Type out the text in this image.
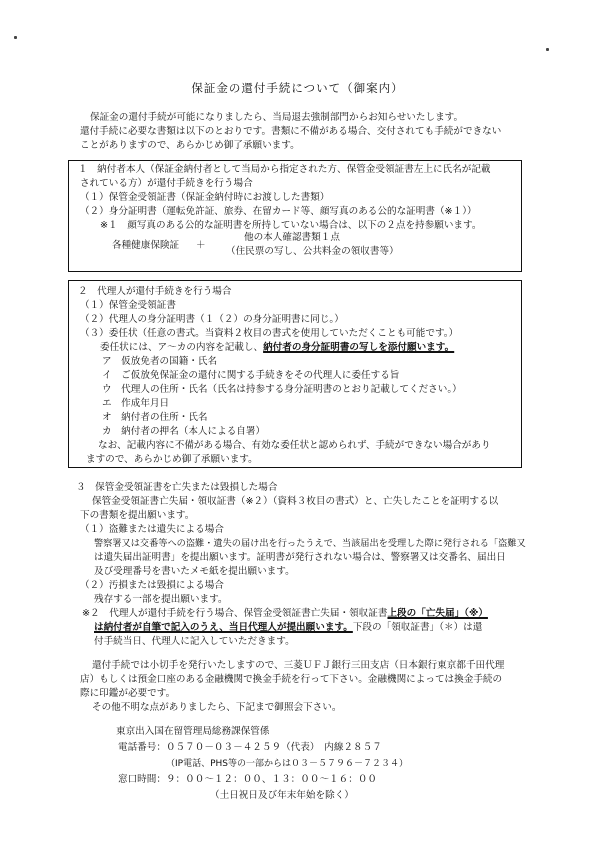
保証金の還付手続について（御案内）
保証金の還付手続が可能になりましたら、当局退去強制部門からお知らせいたします。
還付手続に必要な書類は以下のとおりです。書類に不備がある場合、交付されても手続ができない
ことがありますので、あらかじめ御了承願います。
１　納付者本人（保証金納付者として当局から指定された方、保管金受領証書左上に氏名が記載
されている方）が還付手続きを行う場合
（１）保管金受領証書（保証金納付時にお渡しした書類）
（２）身分証明書（運転免許証、旅券、在留カード等、顔写真のある公的な証明書（※１））
※１　顔写真のある公的な証明書を所持していない場合は、以下の２点を持参願います。
各種健康保険証 ＋
他の本人確認書類１点
（住民票の写し、公共料金の領収書等）
２　代理人が還付手続きを行う場合
（１）保管金受領証書
（２）代理人の身分証明書（１（２）の身分証明書に同じ。）
（３）委任状（任意の書式。当資料２枚目の書式を使用していただくことも可能です。）
委任状には、ア～カの内容を記載し、納付者の身分証明書の写しを添付願います。
ア　仮放免者の国籍・氏名
イ　ご仮放免保証金の還付に関する手続きをその代理人に委任する旨
ウ　代理人の住所・氏名（氏名は持参する身分証明書のとおり記載してください。）
エ　作成年月日
オ　納付者の住所・氏名
カ　納付者の押名（本人による自署）
なお、記載内容に不備がある場合、有効な委任状と認められず、手続ができない場合があり
ますので、あらかじめ御了承願います。
３　保管金受領証書を亡失または毀損した場合
保管金受領証書亡失届・領収証書（※２）（資料３枚目の書式）と、亡失したことを証明する以
下の書類を提出願います。
（１）盗難または遺失による場合
警察署又は交番等への盗難・遺失の届け出を行ったうえで、当該届出を受理した際に発行される「盗難又
は遺失届出証明書」を提出願います。証明書が発行されない場合は、警察署又は交番名、届出日
及び受理番号を書いたメモ紙を提出願います。
（２）汚損または毀損による場合
残存する一部を提出願います。
※２　代理人が還付手続を行う場合、保管金受領証書亡失届・領収証書上段の「亡失届」（※）
は納付者が自筆で記入のうえ、当日代理人が提出願います。下段の「領収証書」（＊）は還
付手続当日、代理人に記入していただきます。
還付手続では小切手を発行いたしますので、三菱ＵＦＪ銀行三田支店（日本銀行東京都千田代理
店）もしくは預金口座のある金融機関で換金手続を行って下さい。金融機関によっては換金手続の
際に印鑑が必要です。
その他不明な点がありましたら、下記まで御照会下さい。
東京出入国在留管理局総務課保管係
電話番号：０５７０－０３－４２５９（代表）　内線２８５７
（IP電話、PHS等の一部からは０３－５７９６－７２３４）
窓口時間：９：００～１２：００、１３：００～１６：００
（土日祝日及び年末年始を除く）
